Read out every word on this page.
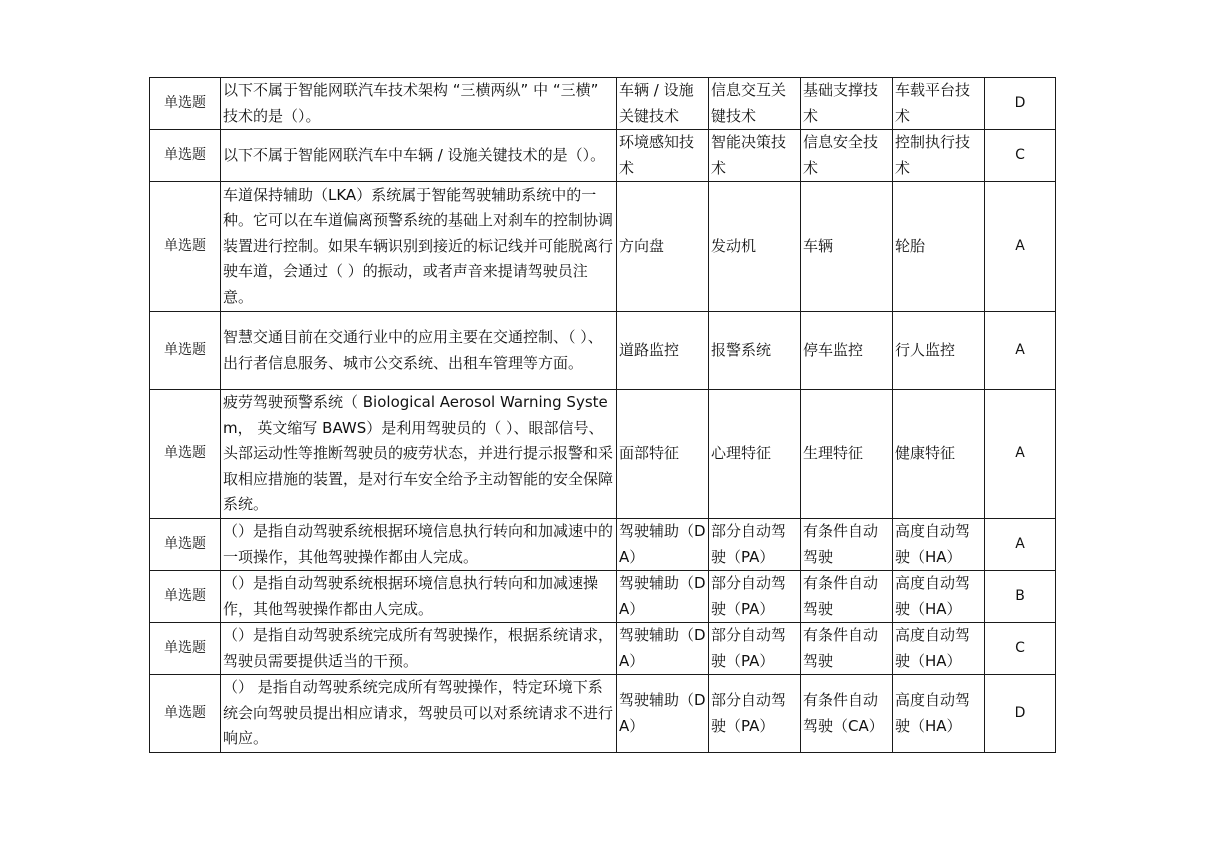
单选题	以下不属于智能网联汽车技术架构 “三横两纵” 中 “三横” 技术的是（）。	车辆 / 设施关键技术	信息交互关键技术	基础支撑技术	车载平台技术	D
单选题	以下不属于智能网联汽车中车辆 / 设施关键技术的是（）。	环境感知技术	智能决策技术	信息安全技术	控制执行技术	C
单选题	车道保持辅助（LKA）系统属于智能驾驶辅助系统中的一种。它可以在车道偏离预警系统的基础上对刹车的控制协调装置进行控制。如果车辆识别到接近的标记线并可能脱离行驶车道，会通过（ ）的振动，或者声音来提请驾驶员注意。	方向盘	发动机	车辆	轮胎	A
单选题	智慧交通目前在交通行业中的应用主要在交通控制、（ ）、出行者信息服务、城市公交系统、出租车管理等方面。	道路监控	报警系统	停车监控	行人监控	A
单选题	疲劳驾驶预警系统（ Biological Aerosol Warning System， 英文缩写 BAWS）是利用驾驶员的（ ）、眼部信号、头部运动性等推断驾驶员的疲劳状态，并进行提示报警和采取相应措施的装置，是对行车安全给予主动智能的安全保障系统。	面部特征	心理特征	生理特征	健康特征	A
单选题	（）是指自动驾驶系统根据环境信息执行转向和加减速中的一项操作，其他驾驶操作都由人完成。	驾驶辅助（DA）	部分自动驾驶（PA）	有条件自动驾驶	高度自动驾驶（HA）	A
单选题	（）是指自动驾驶系统根据环境信息执行转向和加减速操作，其他驾驶操作都由人完成。	驾驶辅助（DA）	部分自动驾驶（PA）	有条件自动驾驶	高度自动驾驶（HA）	B
单选题	（）是指自动驾驶系统完成所有驾驶操作，根据系统请求，驾驶员需要提供适当的干预。	驾驶辅助（DA）	部分自动驾驶（PA）	有条件自动驾驶	高度自动驾驶（HA）	C
单选题	（） 是指自动驾驶系统完成所有驾驶操作，特定环境下系统会向驾驶员提出相应请求，驾驶员可以对系统请求不进行响应。	驾驶辅助（DA）	部分自动驾驶（PA）	有条件自动驾驶（CA）	高度自动驾驶（HA）	D
